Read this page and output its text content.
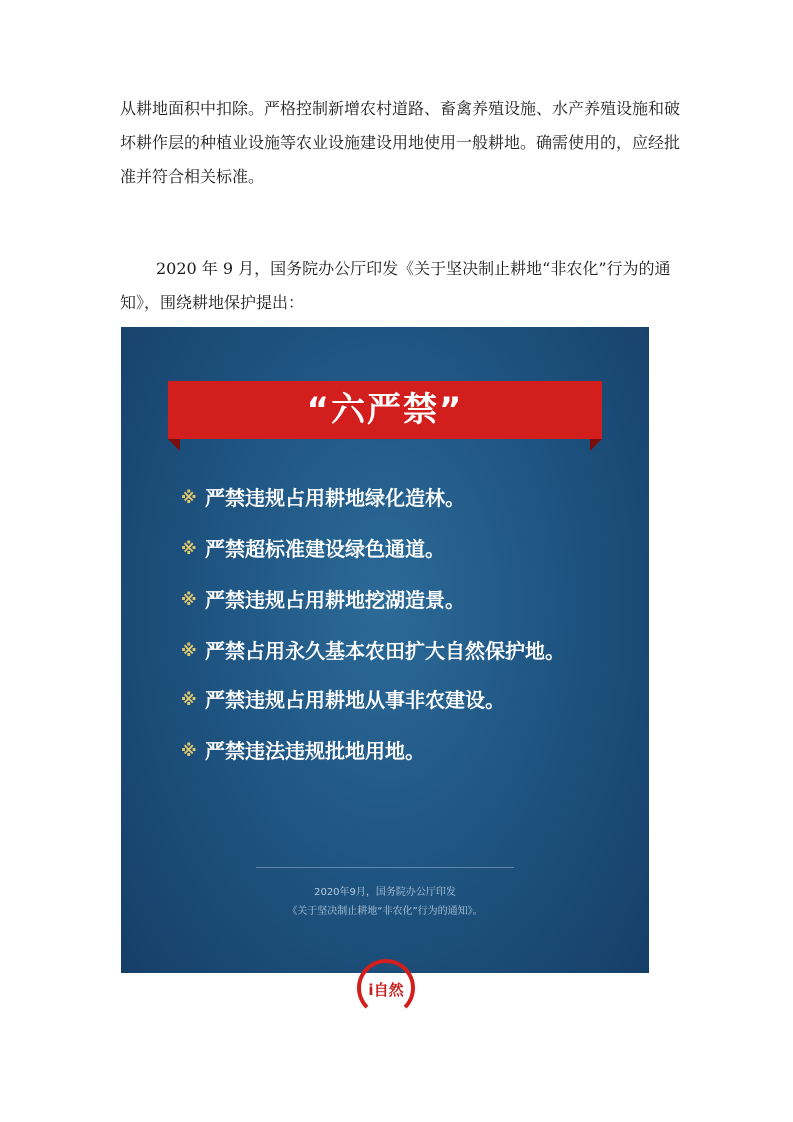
从耕地面积中扣除。严格控制新增农村道路、畜禽养殖设施、水产养殖设施和破坏耕作层的种植业设施等农业设施建设用地使用一般耕地。确需使用的，应经批准并符合相关标准。

2020 年 9 月，国务院办公厅印发《关于坚决制止耕地“非农化”行为的通知》，围绕耕地保护提出：

“六严禁”
※ 严禁违规占用耕地绿化造林。
※ 严禁超标准建设绿色通道。
※ 严禁违规占用耕地挖湖造景。
※ 严禁占用永久基本农田扩大自然保护地。
※ 严禁违规占用耕地从事非农建设。
※ 严禁违法违规批地用地。
2020年9月，国务院办公厅印发
《关于坚决制止耕地“非农化”行为的通知》。
i自然
